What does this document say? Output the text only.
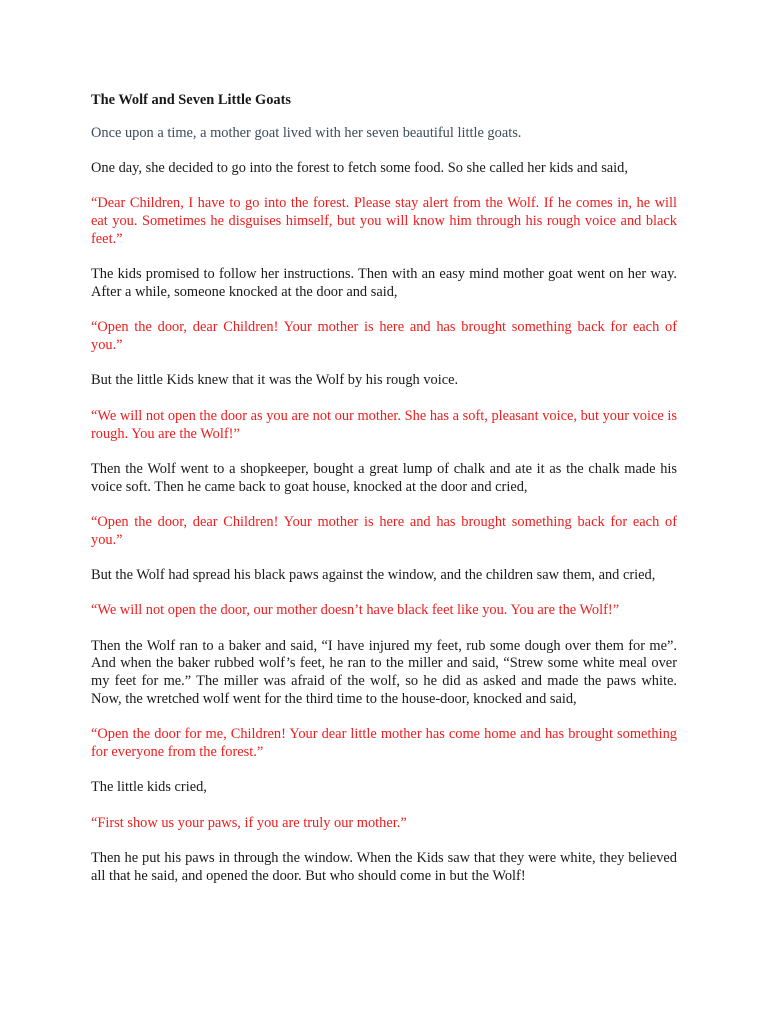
The Wolf and Seven Little Goats

Once upon a time, a mother goat lived with her seven beautiful little goats.

One day, she decided to go into the forest to fetch some food. So she called her kids and said,

“Dear Children, I have to go into the forest. Please stay alert from the Wolf. If he comes in, he will eat you. Sometimes he disguises himself, but you will know him through his rough voice and black feet.”

The kids promised to follow her instructions. Then with an easy mind mother goat went on her way. After a while, someone knocked at the door and said,

“Open the door, dear Children! Your mother is here and has brought something back for each of you.”

But the little Kids knew that it was the Wolf by his rough voice.

“We will not open the door as you are not our mother. She has a soft, pleasant voice, but your voice is rough. You are the Wolf!”

Then the Wolf went to a shopkeeper, bought a great lump of chalk and ate it as the chalk made his voice soft. Then he came back to goat house, knocked at the door and cried,

“Open the door, dear Children! Your mother is here and has brought something back for each of you.”

But the Wolf had spread his black paws against the window, and the children saw them, and cried,

“We will not open the door, our mother doesn’t have black feet like you. You are the Wolf!”

Then the Wolf ran to a baker and said, “I have injured my feet, rub some dough over them for me”. And when the baker rubbed wolf’s feet, he ran to the miller and said, “Strew some white meal over my feet for me.” The miller was afraid of the wolf, so he did as asked and made the paws white. Now, the wretched wolf went for the third time to the house-door, knocked and said,

“Open the door for me, Children! Your dear little mother has come home and has brought something for everyone from the forest.”

The little kids cried,

“First show us your paws, if you are truly our mother.”

Then he put his paws in through the window. When the Kids saw that they were white, they believed all that he said, and opened the door. But who should come in but the Wolf!
